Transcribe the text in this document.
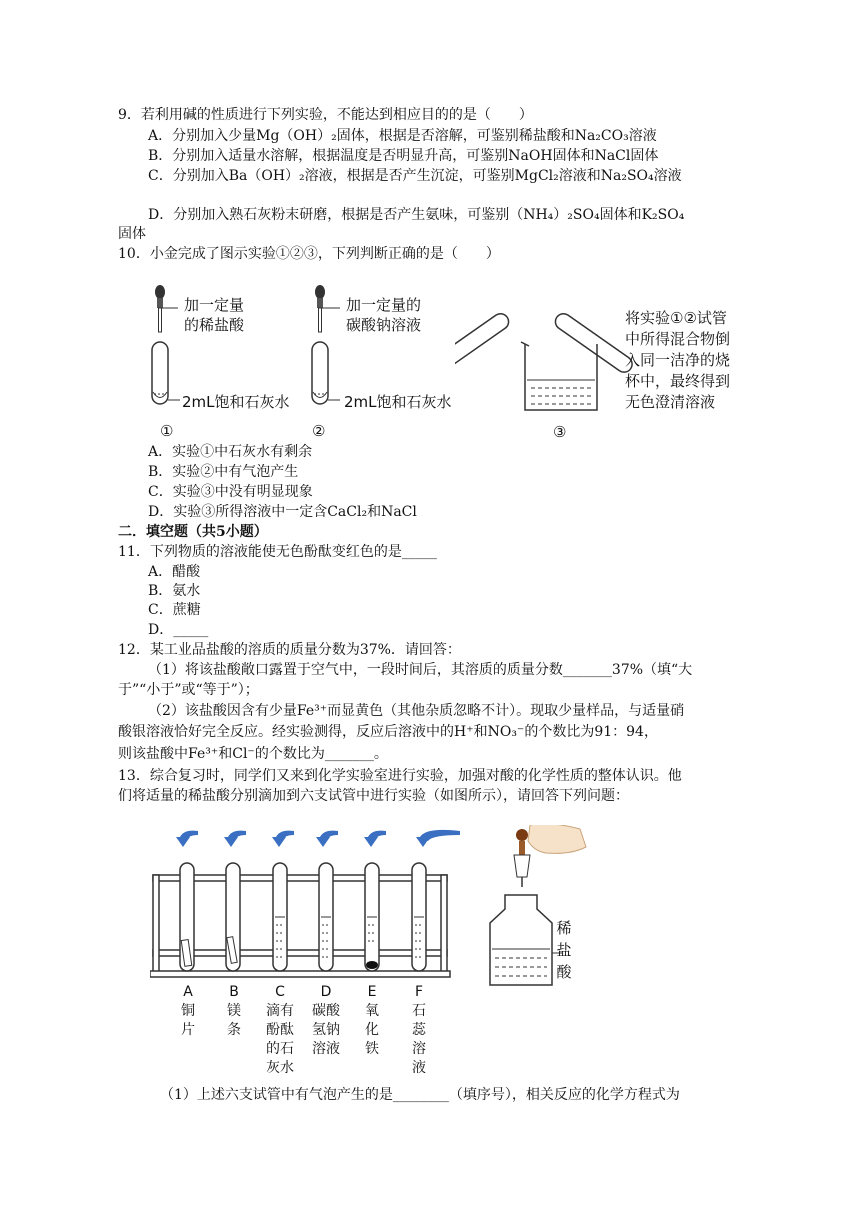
9．若利用碱的性质进行下列实验，不能达到相应目的的是（　　）
A．分别加入少量Mg（OH）₂固体，根据是否溶解，可鉴别稀盐酸和Na₂CO₃溶液
B．分别加入适量水溶解，根据温度是否明显升高，可鉴别NaOH固体和NaCl固体
C．分别加入Ba（OH）₂溶液，根据是否产生沉淀，可鉴别MgCl₂溶液和Na₂SO₄溶液
D．分别加入熟石灰粉末研磨，根据是否产生氨味，可鉴别（NH₄）₂SO₄固体和K₂SO₄
固体
10．小金完成了图示实验①②③，下列判断正确的是（　　）
加一定量
的稀盐酸
2mL饱和石灰水
①
加一定量的
碳酸钠溶液
2mL饱和石灰水
②
将实验①②试管
中所得混合物倒
入同一洁净的烧
杯中，最终得到
无色澄清溶液
③
A．实验①中石灰水有剩余
B．实验②中有气泡产生
C．实验③中没有明显现象
D．实验③所得溶液中一定含CaCl₂和NaCl
二．填空题（共5小题）
11．下列物质的溶液能使无色酚酞变红色的是_____
A．醋酸
B．氨水
C．蔗糖
D．_____
12．某工业品盐酸的溶质的质量分数为37%．请回答：
（1）将该盐酸敞口露置于空气中，一段时间后，其溶质的质量分数_______37%（填“大
于”“小于”或“等于”）；
（2）该盐酸因含有少量Fe³⁺而显黄色（其他杂质忽略不计）。现取少量样品，与适量硝
酸银溶液恰好完全反应。经实验测得，反应后溶液中的H⁺和NO₃⁻的个数比为91：94，
则该盐酸中Fe³⁺和Cl⁻的个数比为_______。
13．综合复习时，同学们又来到化学实验室进行实验，加强对酸的化学性质的整体认识。他
们将适量的稀盐酸分别滴加到六支试管中进行实验（如图所示），请回答下列问题：
A
铜
片
B
镁
条
C
滴有
酚酞
的石
灰水
D
碳酸
氢钠
溶液
E
氧
化
铁
F
石
蕊
溶
液
稀
盐
酸
（1）上述六支试管中有气泡产生的是________（填序号），相关反应的化学方程式为
